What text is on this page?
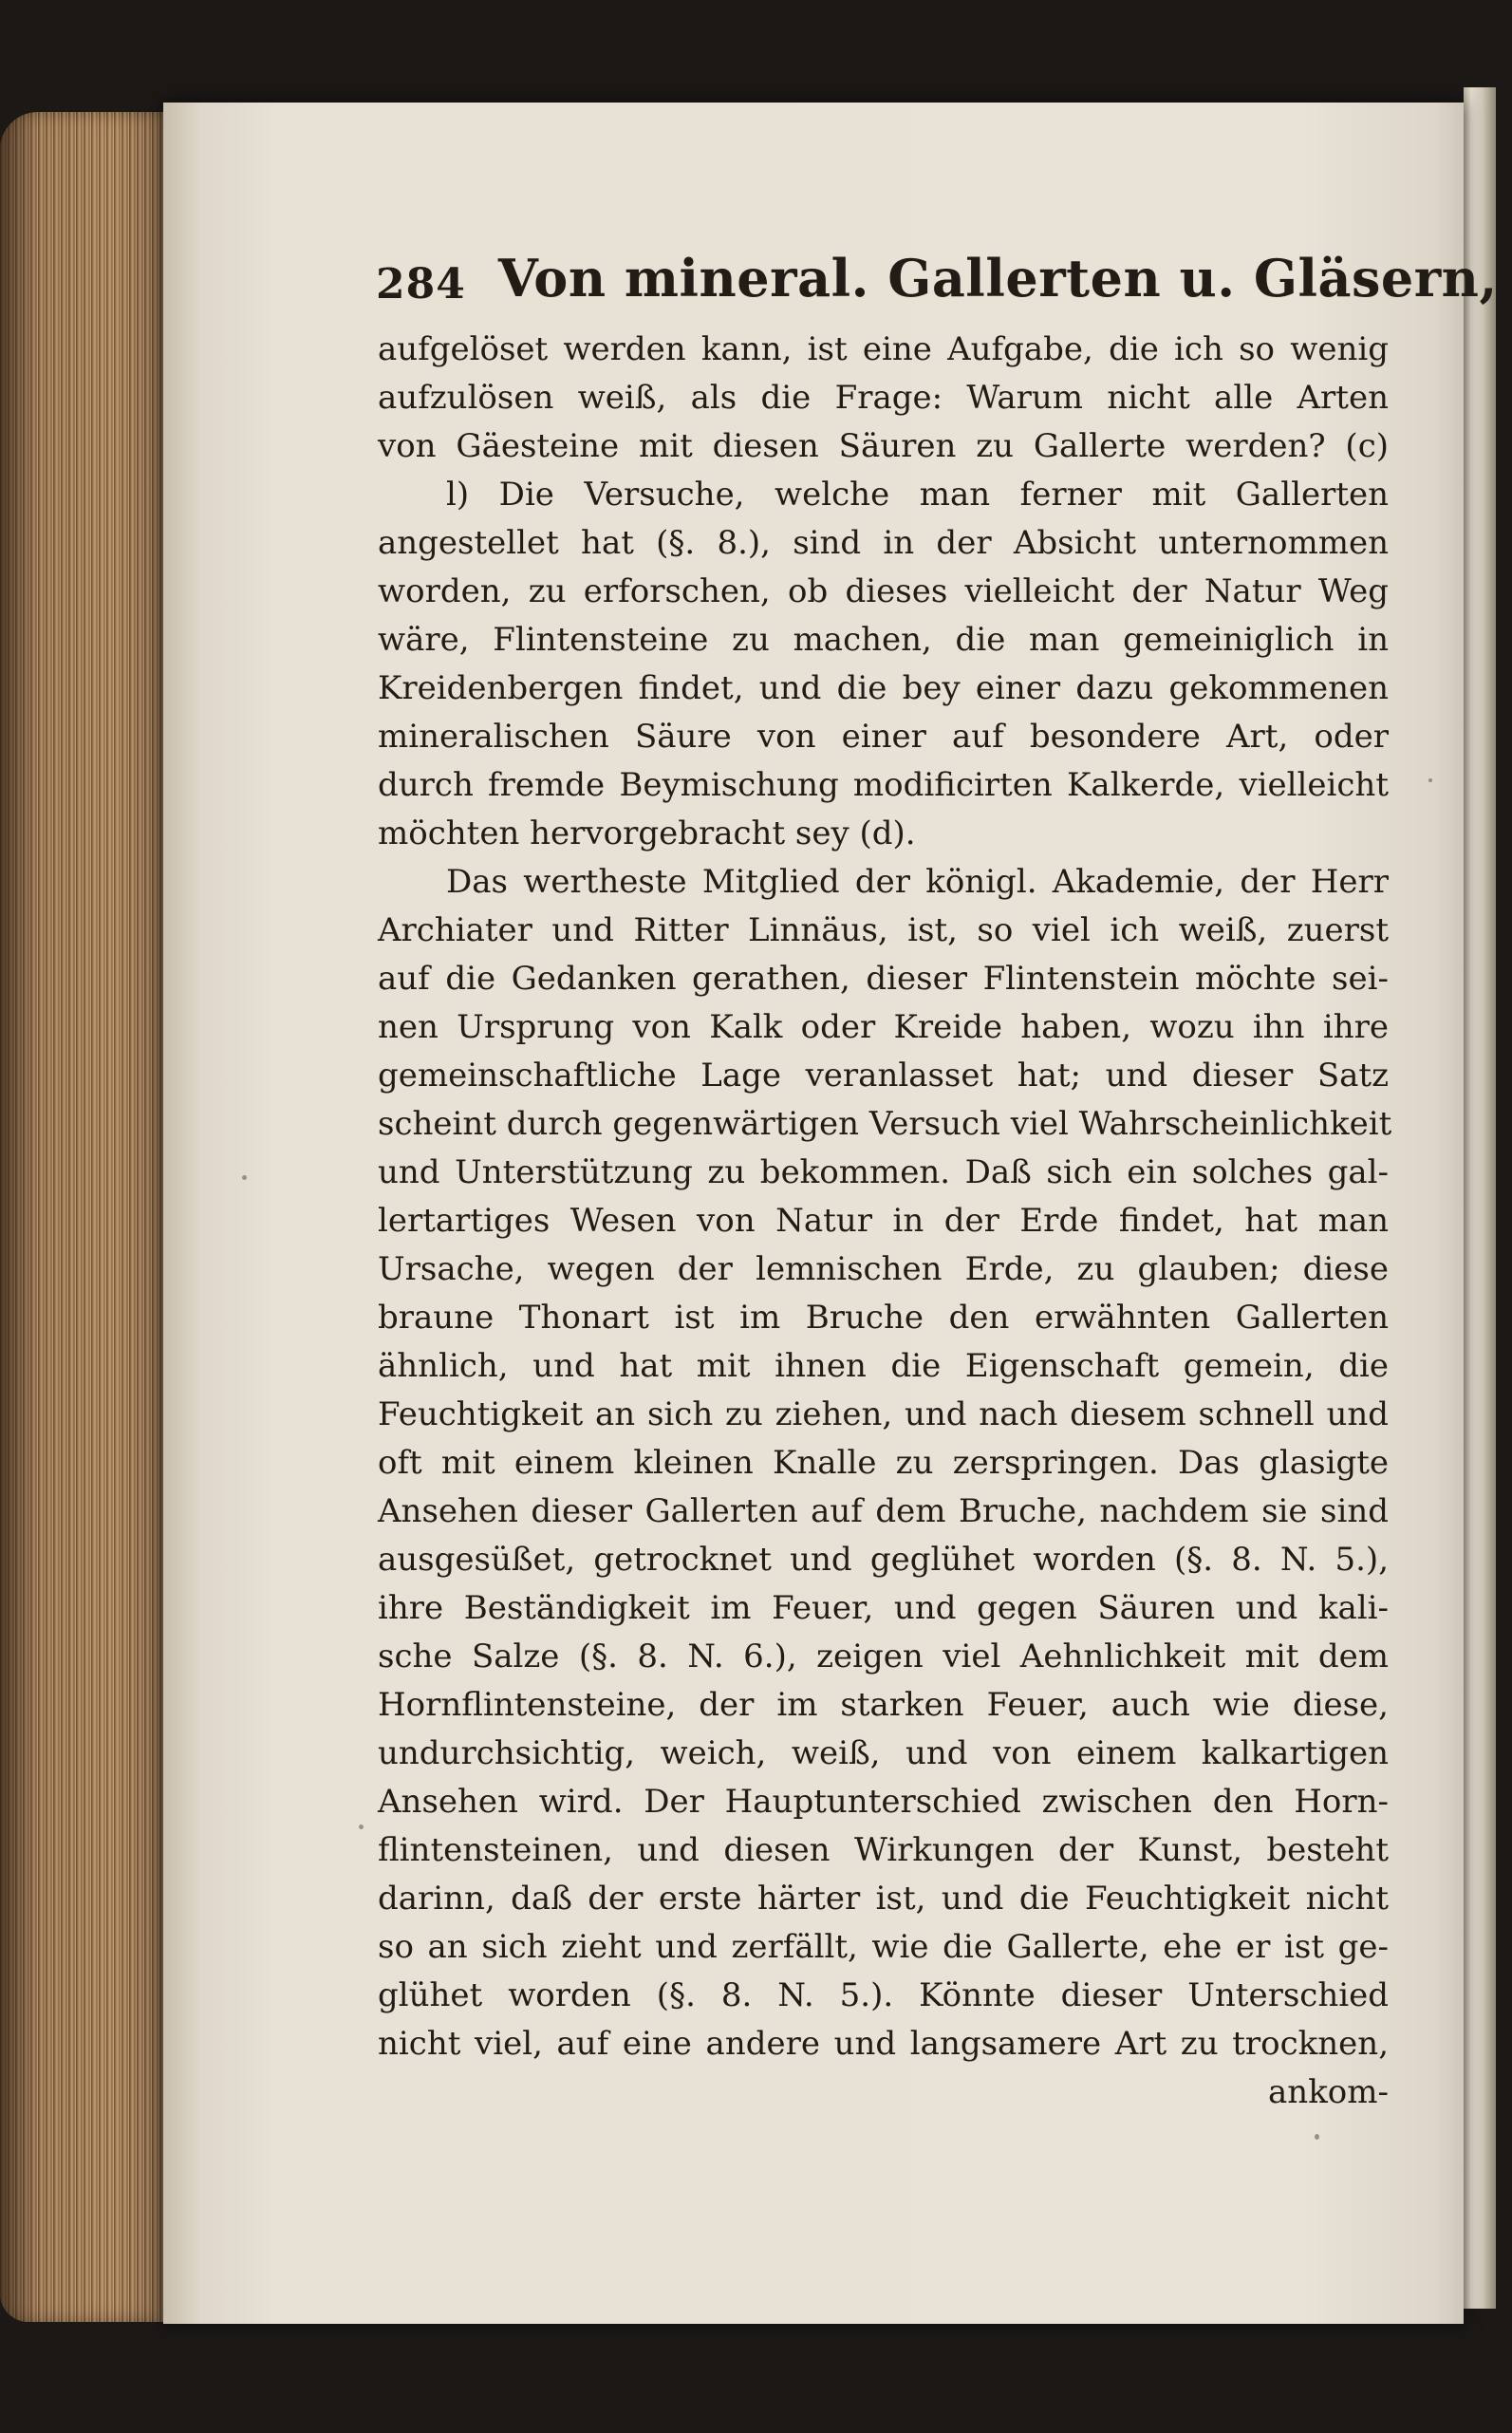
284 Von mineral. Gallerten u. Gläsern,
aufgelöset werden kann, ist eine Aufgabe, die ich so wenig
aufzulösen weiß, als die Frage: Warum nicht alle Arten
von Gäesteine mit diesen Säuren zu Gallerte werden? (c)
l) Die Versuche, welche man ferner mit Gallerten
angestellet hat (§. 8.), sind in der Absicht unternommen
worden, zu erforschen, ob dieses vielleicht der Natur Weg
wäre, Flintensteine zu machen, die man gemeiniglich in
Kreidenbergen findet, und die bey einer dazu gekommenen
mineralischen Säure von einer auf besondere Art, oder
durch fremde Beymischung modificirten Kalkerde, vielleicht
möchten hervorgebracht sey (d).
Das wertheste Mitglied der königl. Akademie, der Herr
Archiater und Ritter Linnäus, ist, so viel ich weiß, zuerst
auf die Gedanken gerathen, dieser Flintenstein möchte sei-
nen Ursprung von Kalk oder Kreide haben, wozu ihn ihre
gemeinschaftliche Lage veranlasset hat; und dieser Satz
scheint durch gegenwärtigen Versuch viel Wahrscheinlichkeit
und Unterstützung zu bekommen. Daß sich ein solches gal-
lertartiges Wesen von Natur in der Erde findet, hat man
Ursache, wegen der lemnischen Erde, zu glauben; diese
braune Thonart ist im Bruche den erwähnten Gallerten
ähnlich, und hat mit ihnen die Eigenschaft gemein, die
Feuchtigkeit an sich zu ziehen, und nach diesem schnell und
oft mit einem kleinen Knalle zu zerspringen. Das glasigte
Ansehen dieser Gallerten auf dem Bruche, nachdem sie sind
ausgesüßet, getrocknet und geglühet worden (§. 8. N. 5.),
ihre Beständigkeit im Feuer, und gegen Säuren und kali-
sche Salze (§. 8. N. 6.), zeigen viel Aehnlichkeit mit dem
Hornflintensteine, der im starken Feuer, auch wie diese,
undurchsichtig, weich, weiß, und von einem kalkartigen
Ansehen wird. Der Hauptunterschied zwischen den Horn-
flintensteinen, und diesen Wirkungen der Kunst, besteht
darinn, daß der erste härter ist, und die Feuchtigkeit nicht
so an sich zieht und zerfällt, wie die Gallerte, ehe er ist ge-
glühet worden (§. 8. N. 5.). Könnte dieser Unterschied
nicht viel, auf eine andere und langsamere Art zu trocknen,
ankom-
